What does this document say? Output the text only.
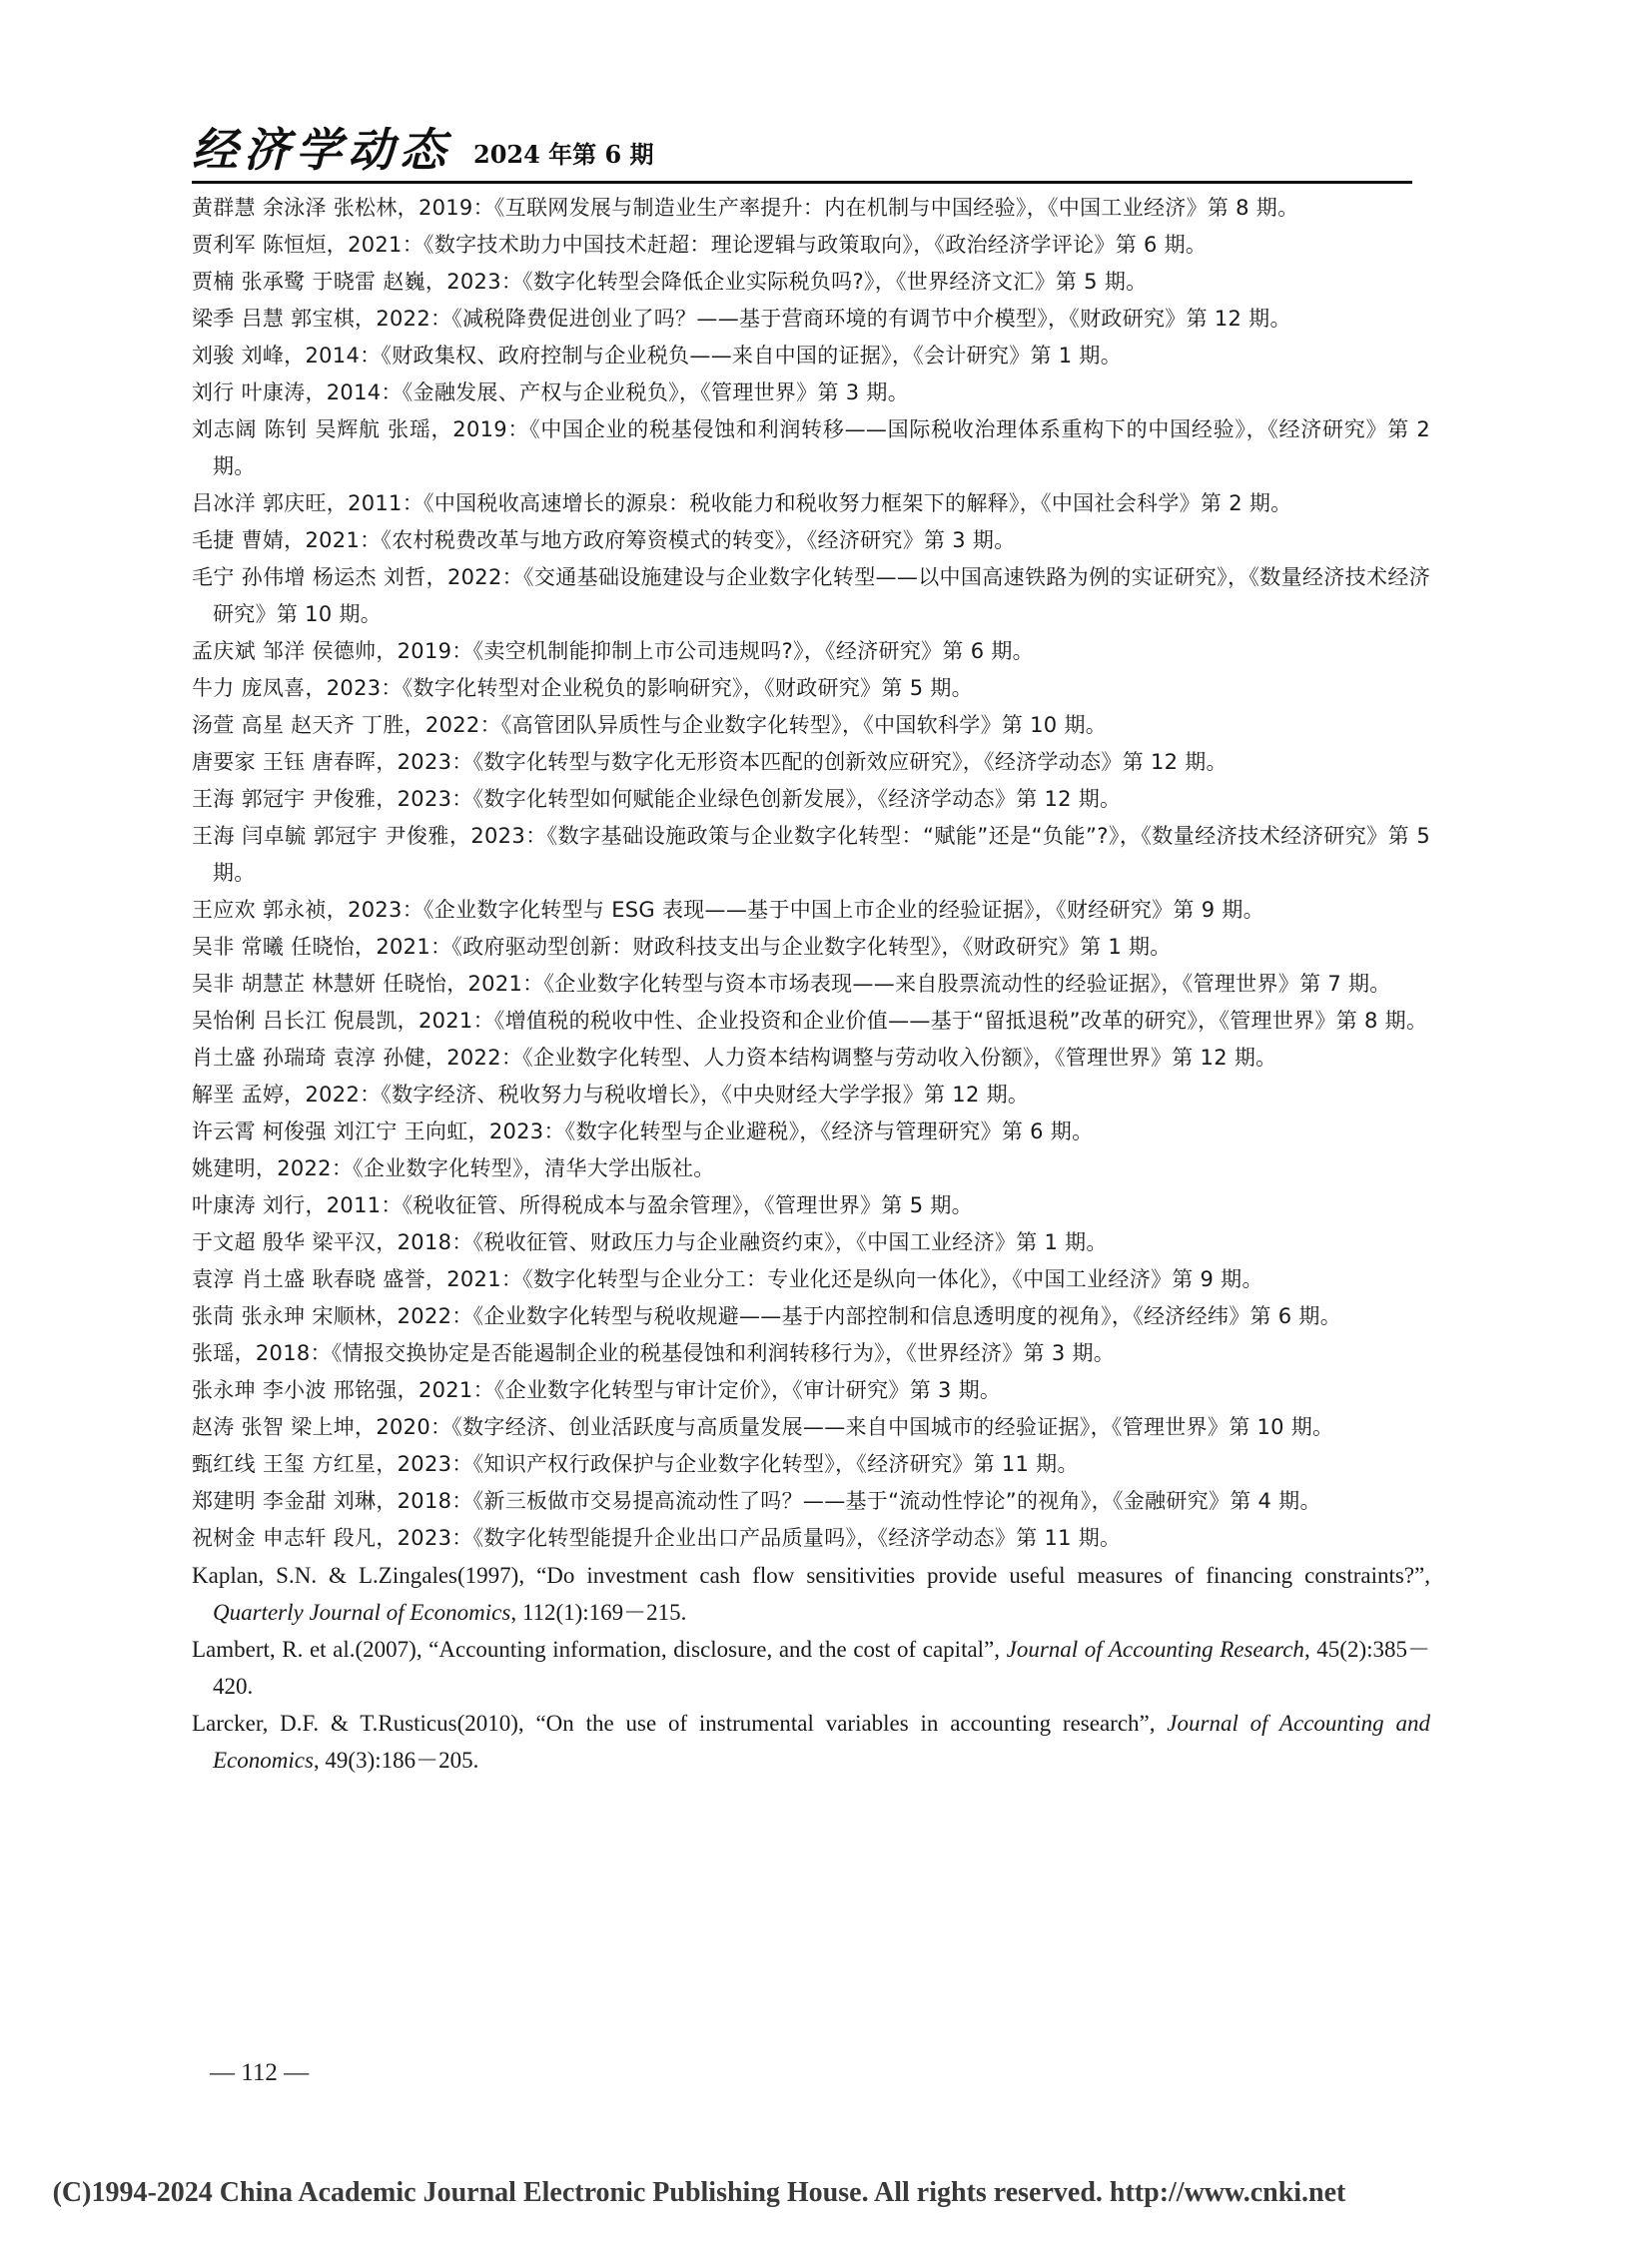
经济学动态 2024 年第 6 期

黄群慧 余泳泽 张松林，2019：《互联网发展与制造业生产率提升：内在机制与中国经验》，《中国工业经济》第 8 期。

贾利军 陈恒烜，2021：《数字技术助力中国技术赶超：理论逻辑与政策取向》，《政治经济学评论》第 6 期。

贾楠 张承鹭 于晓雷 赵巍，2023：《数字化转型会降低企业实际税负吗?》，《世界经济文汇》第 5 期。

梁季 吕慧 郭宝棋，2022：《减税降费促进创业了吗？——基于营商环境的有调节中介模型》，《财政研究》第 12 期。

刘骏 刘峰，2014：《财政集权、政府控制与企业税负——来自中国的证据》，《会计研究》第 1 期。

刘行 叶康涛，2014：《金融发展、产权与企业税负》，《管理世界》第 3 期。

刘志阔 陈钊 吴辉航 张瑶，2019：《中国企业的税基侵蚀和利润转移——国际税收治理体系重构下的中国经验》，《经济研究》第 2 期。

吕冰洋 郭庆旺，2011：《中国税收高速增长的源泉：税收能力和税收努力框架下的解释》，《中国社会科学》第 2 期。

毛捷 曹婧，2021：《农村税费改革与地方政府筹资模式的转变》，《经济研究》第 3 期。

毛宁 孙伟增 杨运杰 刘哲，2022：《交通基础设施建设与企业数字化转型——以中国高速铁路为例的实证研究》，《数量经济技术经济研究》第 10 期。

孟庆斌 邹洋 侯德帅，2019：《卖空机制能抑制上市公司违规吗?》，《经济研究》第 6 期。

牛力 庞凤喜，2023：《数字化转型对企业税负的影响研究》，《财政研究》第 5 期。

汤萱 高星 赵天齐 丁胜，2022：《高管团队异质性与企业数字化转型》，《中国软科学》第 10 期。

唐要家 王钰 唐春晖，2023：《数字化转型与数字化无形资本匹配的创新效应研究》，《经济学动态》第 12 期。

王海 郭冠宇 尹俊雅，2023：《数字化转型如何赋能企业绿色创新发展》，《经济学动态》第 12 期。

王海 闫卓毓 郭冠宇 尹俊雅，2023：《数字基础设施政策与企业数字化转型：“赋能”还是“负能”?》，《数量经济技术经济研究》第 5 期。

王应欢 郭永祯，2023：《企业数字化转型与 ESG 表现——基于中国上市企业的经验证据》，《财经研究》第 9 期。

吴非 常曦 任晓怡，2021：《政府驱动型创新：财政科技支出与企业数字化转型》，《财政研究》第 1 期。

吴非 胡慧芷 林慧妍 任晓怡，2021：《企业数字化转型与资本市场表现——来自股票流动性的经验证据》，《管理世界》第 7 期。

吴怡俐 吕长江 倪晨凯，2021：《增值税的税收中性、企业投资和企业价值——基于“留抵退税”改革的研究》，《管理世界》第 8 期。

肖土盛 孙瑞琦 袁淳 孙健，2022：《企业数字化转型、人力资本结构调整与劳动收入份额》，《管理世界》第 12 期。

解垩 孟婷，2022：《数字经济、税收努力与税收增长》，《中央财经大学学报》第 12 期。

许云霄 柯俊强 刘江宁 王向虹，2023：《数字化转型与企业避税》，《经济与管理研究》第 6 期。

姚建明，2022：《企业数字化转型》，清华大学出版社。

叶康涛 刘行，2011：《税收征管、所得税成本与盈余管理》，《管理世界》第 5 期。

于文超 殷华 梁平汉，2018：《税收征管、财政压力与企业融资约束》，《中国工业经济》第 1 期。

袁淳 肖土盛 耿春晓 盛誉，2021：《数字化转型与企业分工：专业化还是纵向一体化》，《中国工业经济》第 9 期。

张茼 张永珅 宋顺林，2022：《企业数字化转型与税收规避——基于内部控制和信息透明度的视角》，《经济经纬》第 6 期。

张瑶，2018：《情报交换协定是否能遏制企业的税基侵蚀和利润转移行为》，《世界经济》第 3 期。

张永珅 李小波 邢铭强，2021：《企业数字化转型与审计定价》，《审计研究》第 3 期。

赵涛 张智 梁上坤，2020：《数字经济、创业活跃度与高质量发展——来自中国城市的经验证据》，《管理世界》第 10 期。

甄红线 王玺 方红星，2023：《知识产权行政保护与企业数字化转型》，《经济研究》第 11 期。

郑建明 李金甜 刘琳，2018：《新三板做市交易提高流动性了吗？——基于“流动性悖论”的视角》，《金融研究》第 4 期。

祝树金 申志轩 段凡，2023：《数字化转型能提升企业出口产品质量吗》，《经济学动态》第 11 期。

Kaplan, S.N. & L.Zingales(1997), “Do investment cash flow sensitivities provide useful measures of financing constraints?”, Quarterly Journal of Economics, 112(1):169－215.

Lambert, R. et al.(2007), “Accounting information, disclosure, and the cost of capital”, Journal of Accounting Research, 45(2):385－420.

Larcker, D.F. & T.Rusticus(2010), “On the use of instrumental variables in accounting research”, Journal of Accounting and Economics, 49(3):186－205.

— 112 —
(C)1994-2024 China Academic Journal Electronic Publishing House. All rights reserved. http://www.cnki.net
